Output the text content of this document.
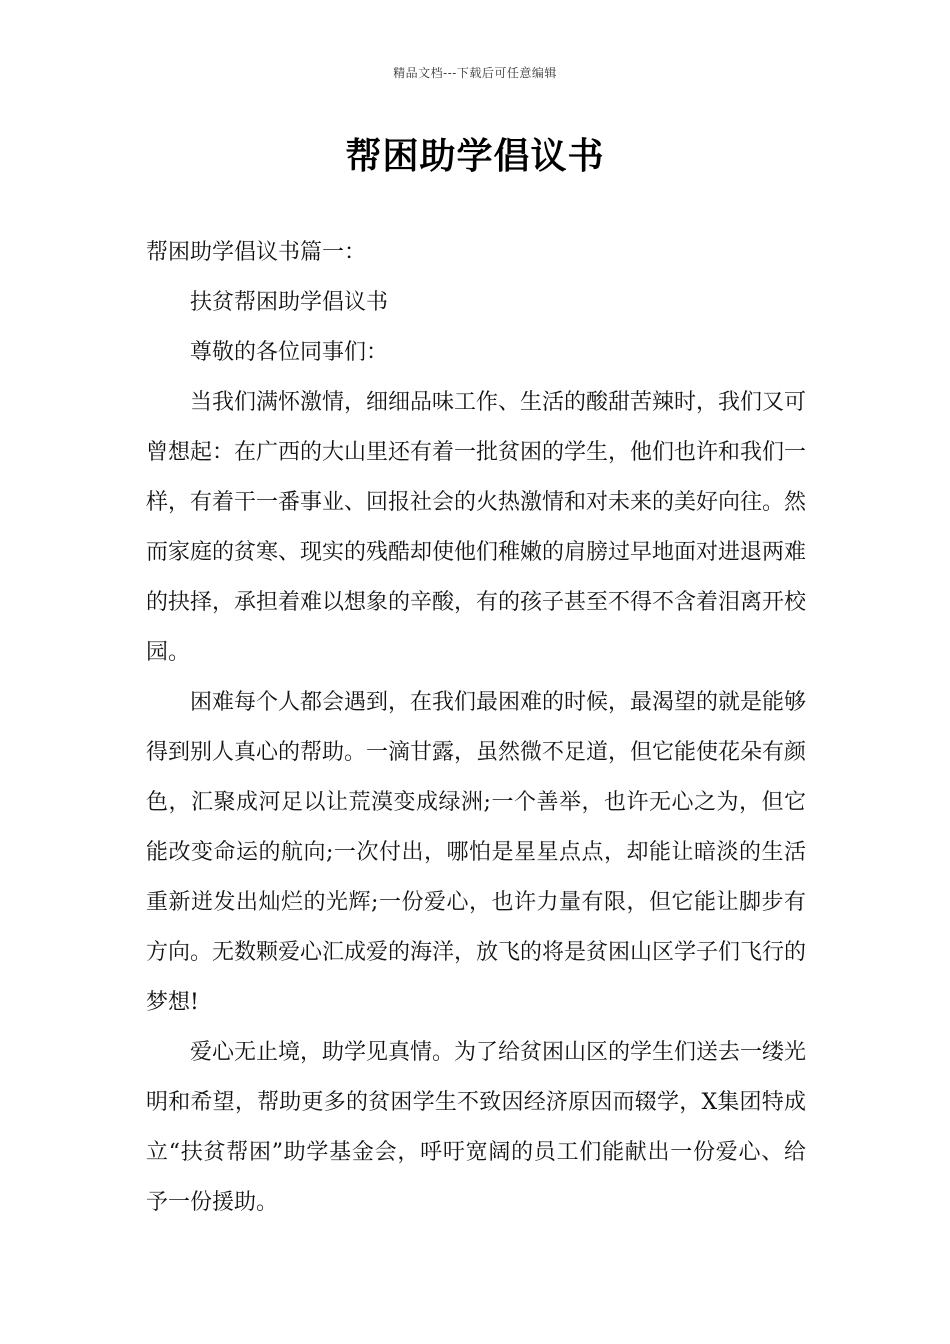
精品文档---下载后可任意编辑
帮困助学倡议书

帮困助学倡议书篇一：

扶贫帮困助学倡议书

尊敬的各位同事们：

当我们满怀激情，细细品味工作、生活的酸甜苦辣时，我们又可曾想起：在广西的大山里还有着一批贫困的学生，他们也许和我们一样，有着干一番事业、回报社会的火热激情和对未来的美好向往。然而家庭的贫寒、现实的残酷却使他们稚嫩的肩膀过早地面对进退两难的抉择，承担着难以想象的辛酸，有的孩子甚至不得不含着泪离开校园。

困难每个人都会遇到，在我们最困难的时候，最渴望的就是能够得到别人真心的帮助。一滴甘露，虽然微不足道，但它能使花朵有颜色，汇聚成河足以让荒漠变成绿洲;一个善举，也许无心之为，但它能改变命运的航向;一次付出，哪怕是星星点点，却能让暗淡的生活重新迸发出灿烂的光辉;一份爱心，也许力量有限，但它能让脚步有方向。无数颗爱心汇成爱的海洋，放飞的将是贫困山区学子们飞行的梦想!

爱心无止境，助学见真情。为了给贫困山区的学生们送去一缕光明和希望，帮助更多的贫困学生不致因经济原因而辍学，X集团特成立“扶贫帮困”助学基金会，呼吁宽阔的员工们能献出一份爱心、给予一份援助。
